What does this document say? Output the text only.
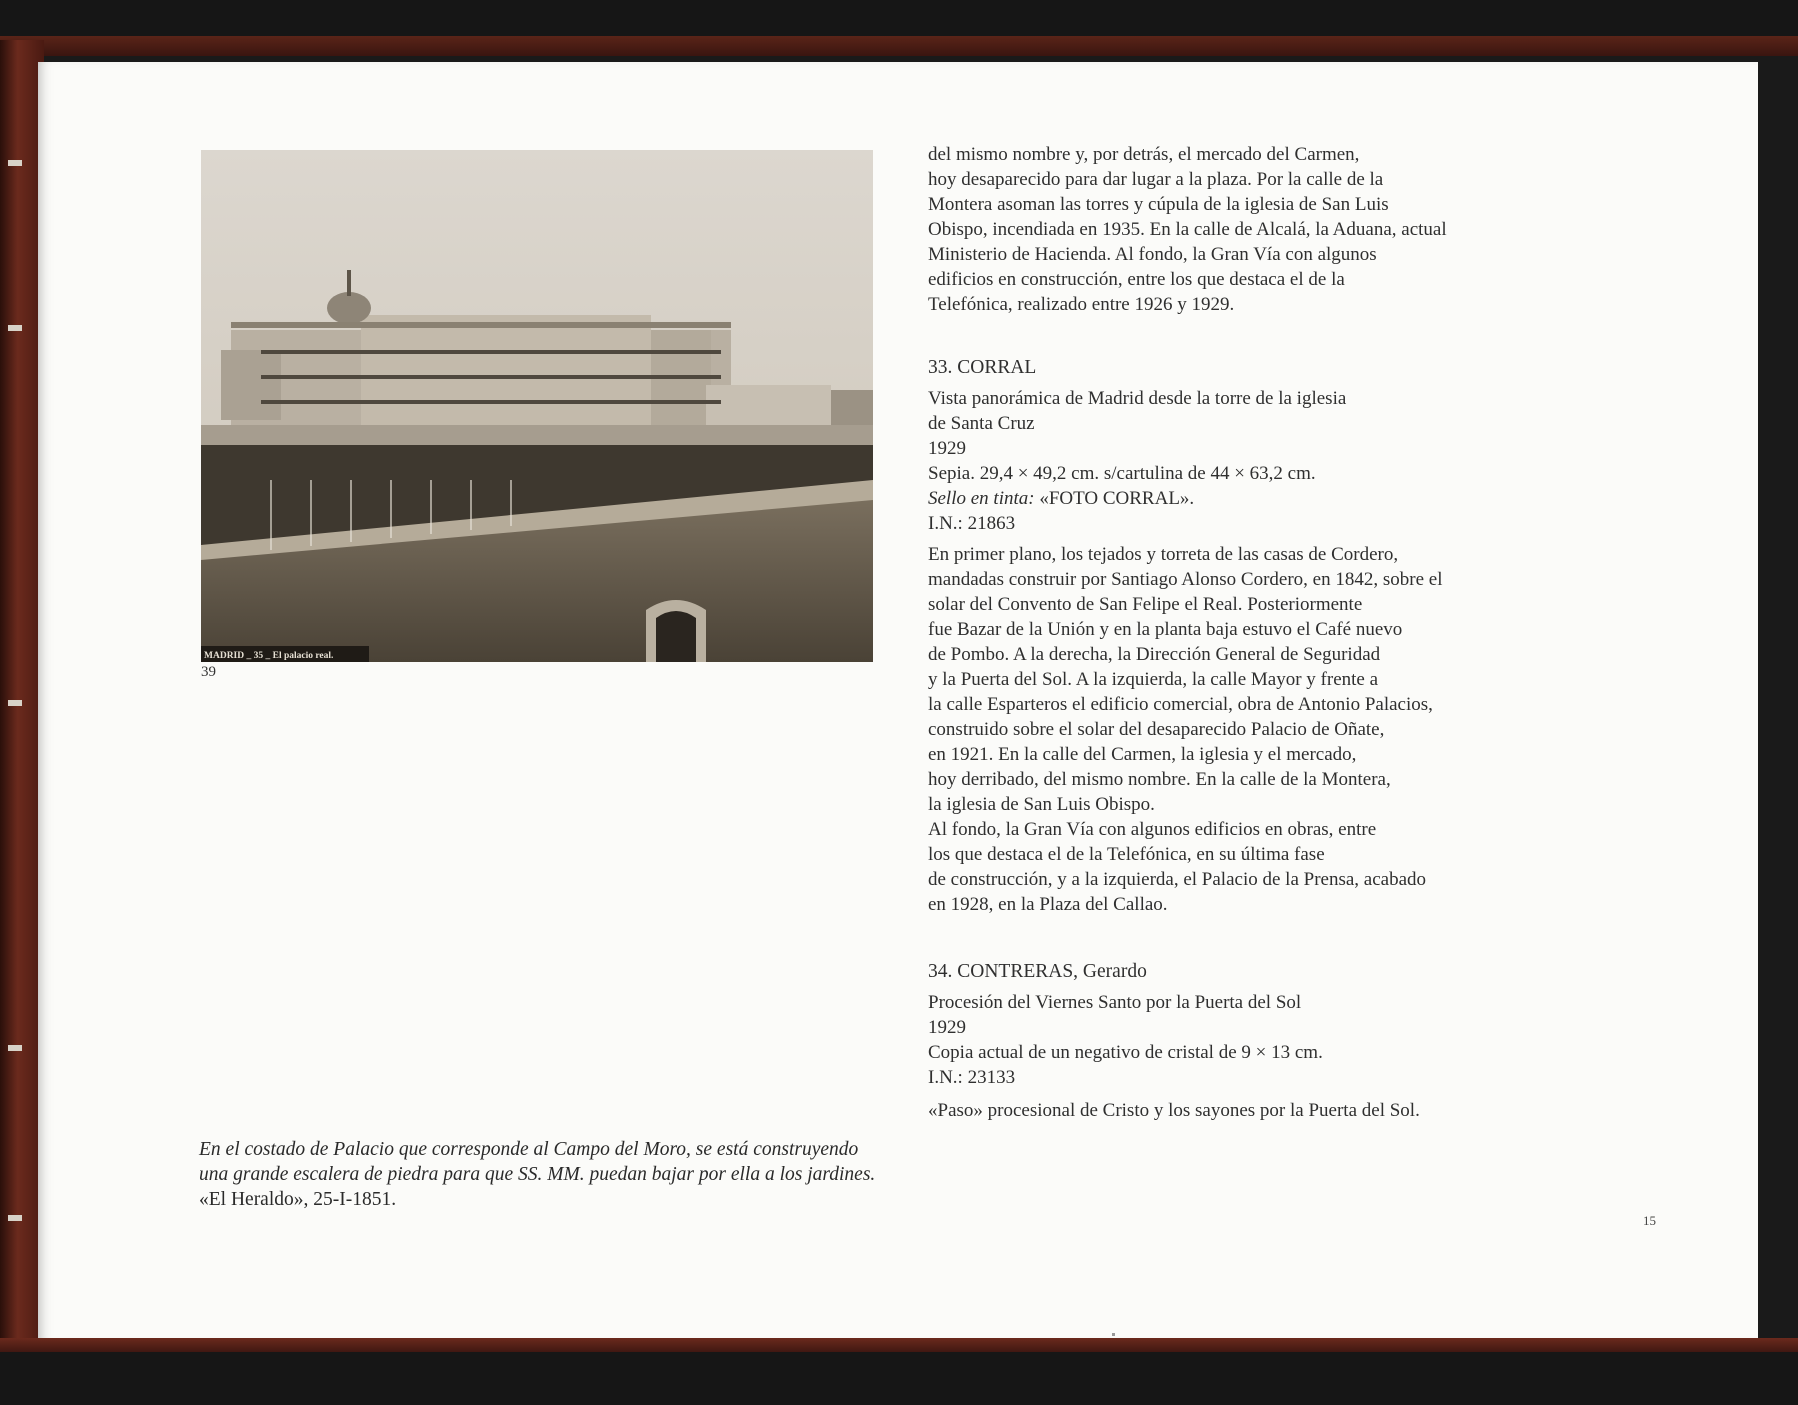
MADRID _ 35 _ El palacio real.
39
En el costado de Palacio que corresponde al Campo del Moro, se está construyendo una grande escalera de piedra para que SS. MM. puedan bajar por ella a los jardines. «El Heraldo», 25-I-1851.

del mismo nombre y, por detrás, el mercado del Carmen,
hoy desaparecido para dar lugar a la plaza. Por la calle de la
Montera asoman las torres y cúpula de la iglesia de San Luis
Obispo, incendiada en 1935. En la calle de Alcalá, la Aduana, actual
Ministerio de Hacienda. Al fondo, la Gran Vía con algunos
edificios en construcción, entre los que destaca el de la
Telefónica, realizado entre 1926 y 1929.

33. CORRAL
Vista panorámica de Madrid desde la torre de la iglesia
de Santa Cruz
1929
Sepia. 29,4 × 49,2 cm. s/cartulina de 44 × 63,2 cm.
Sello en tinta: «FOTO CORRAL».
I.N.: 21863
En primer plano, los tejados y torreta de las casas de Cordero,
mandadas construir por Santiago Alonso Cordero, en 1842, sobre el
solar del Convento de San Felipe el Real. Posteriormente
fue Bazar de la Unión y en la planta baja estuvo el Café nuevo
de Pombo. A la derecha, la Dirección General de Seguridad
y la Puerta del Sol. A la izquierda, la calle Mayor y frente a
la calle Esparteros el edificio comercial, obra de Antonio Palacios,
construido sobre el solar del desaparecido Palacio de Oñate,
en 1921. En la calle del Carmen, la iglesia y el mercado,
hoy derribado, del mismo nombre. En la calle de la Montera,
la iglesia de San Luis Obispo.
Al fondo, la Gran Vía con algunos edificios en obras, entre
los que destaca el de la Telefónica, en su última fase
de construcción, y a la izquierda, el Palacio de la Prensa, acabado
en 1928, en la Plaza del Callao.
34. CONTRERAS, Gerardo
Procesión del Viernes Santo por la Puerta del Sol
1929
Copia actual de un negativo de cristal de 9 × 13 cm.
I.N.: 23133
«Paso» procesional de Cristo y los sayones por la Puerta del Sol.
15
